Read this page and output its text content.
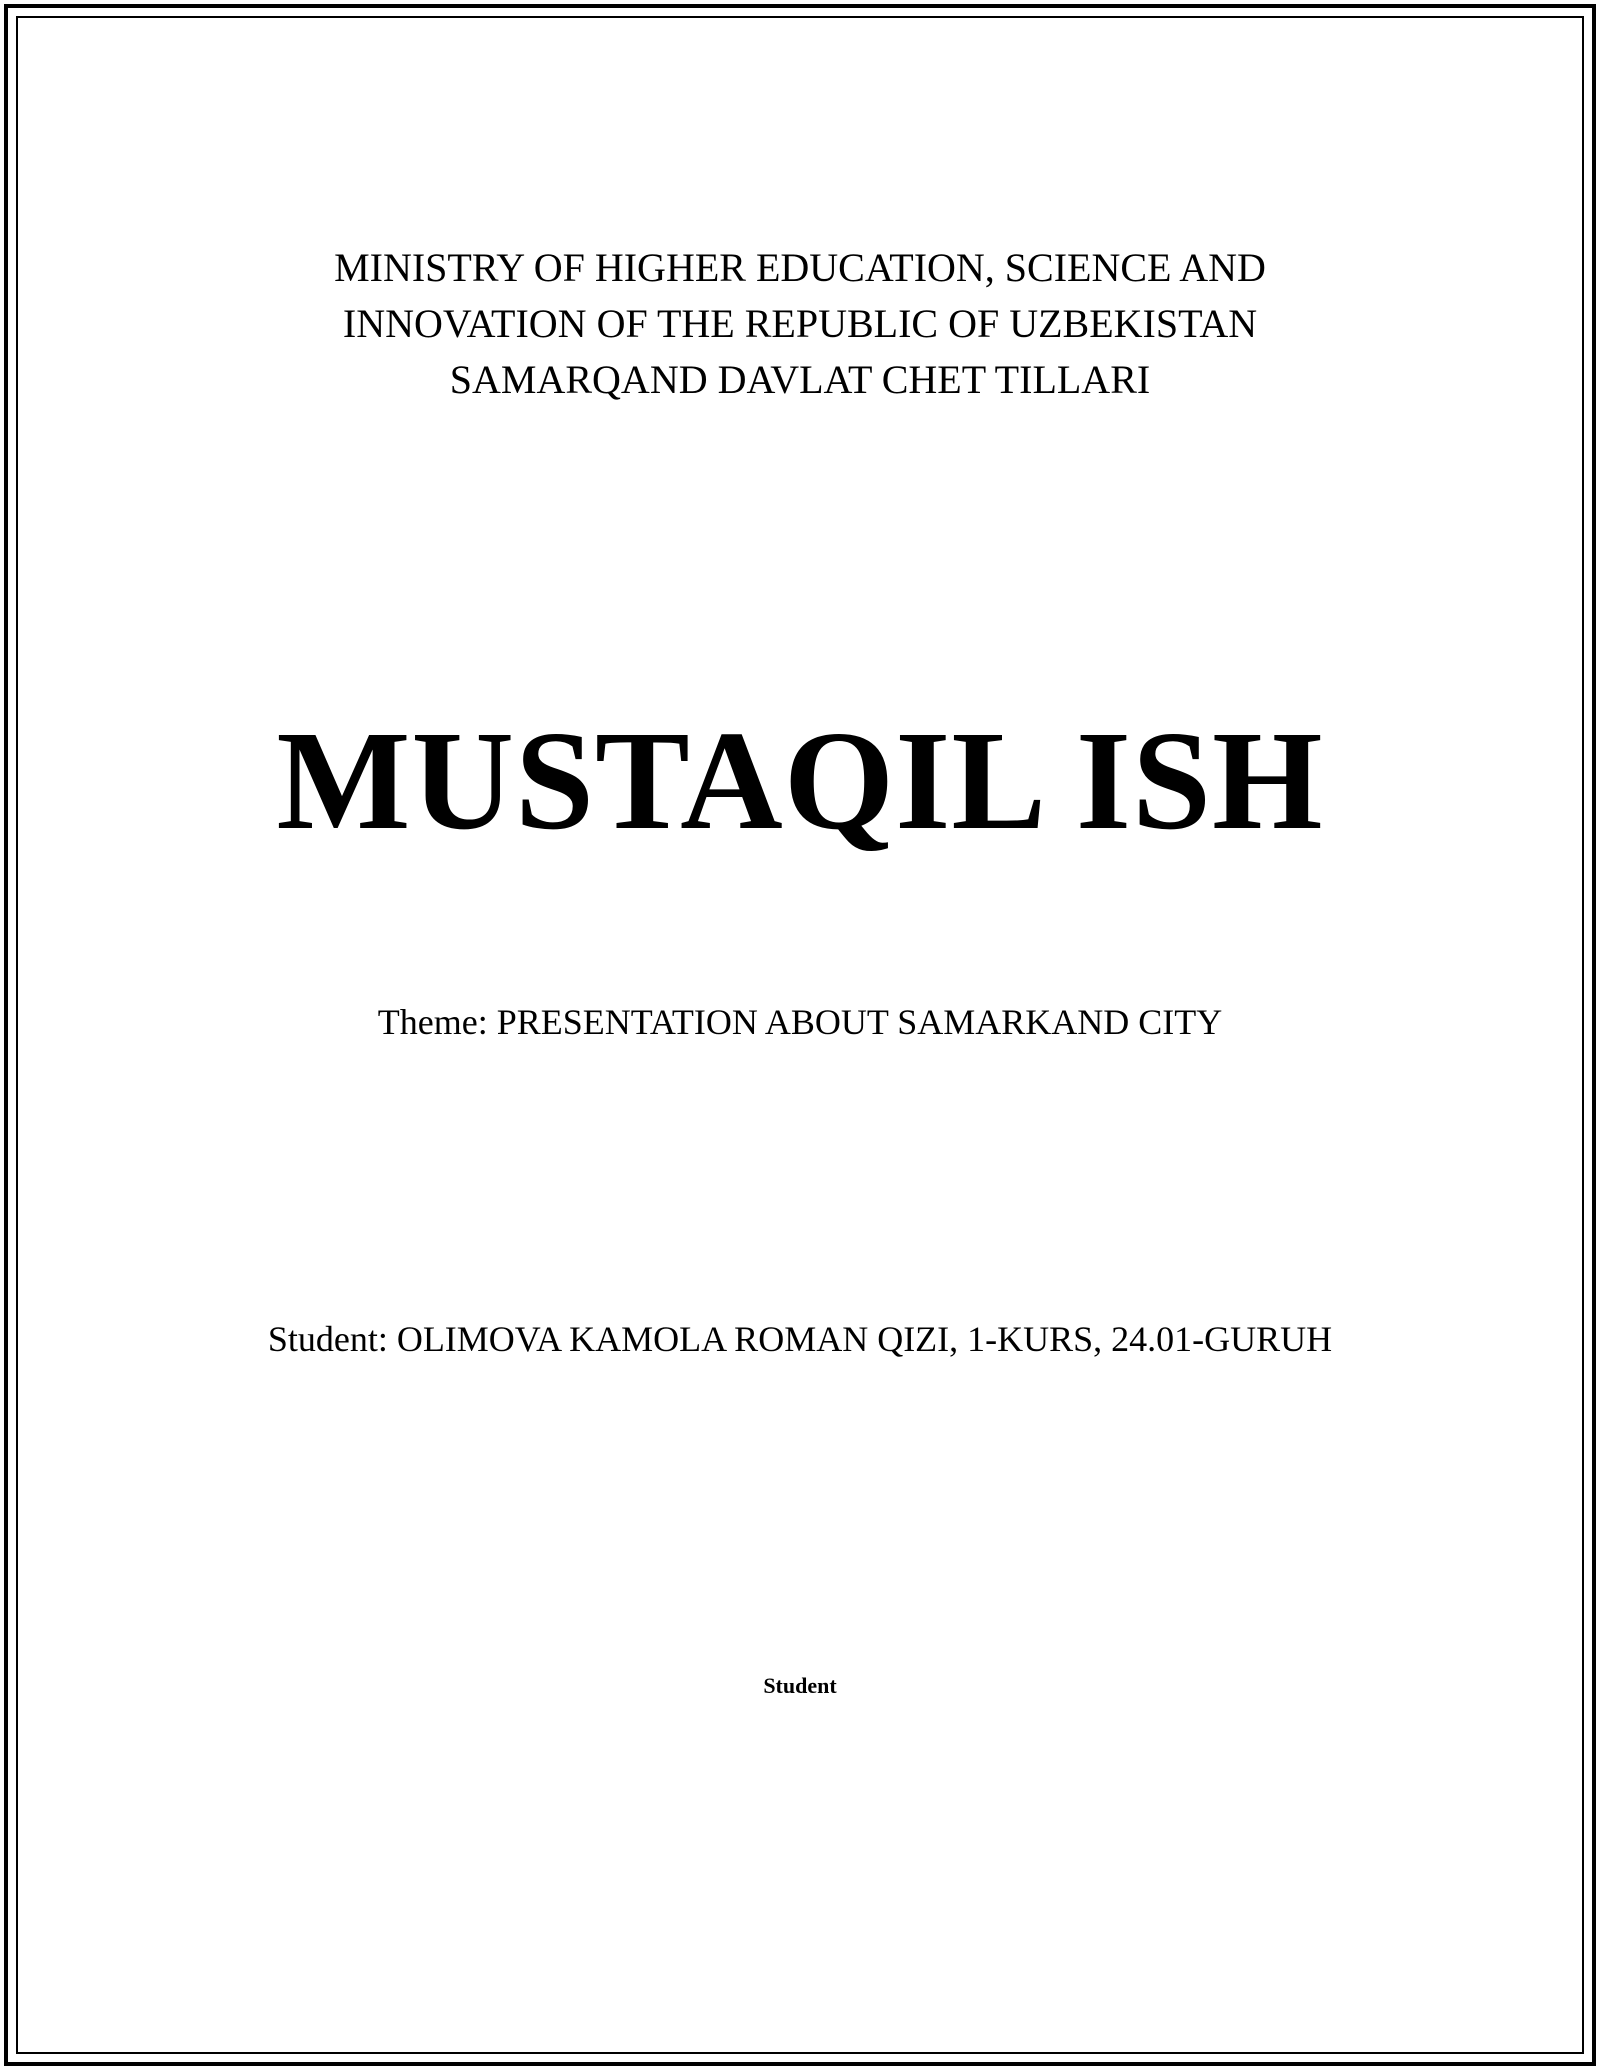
MINISTRY OF HIGHER EDUCATION, SCIENCE AND
INNOVATION OF THE REPUBLIC OF UZBEKISTAN
SAMARQAND DAVLAT CHET TILLARI
MUSTAQIL ISH
Theme: PRESENTATION ABOUT SAMARKAND CITY
Student: OLIMOVA KAMOLA ROMAN QIZI, 1-KURS, 24.01-GURUH
Student
